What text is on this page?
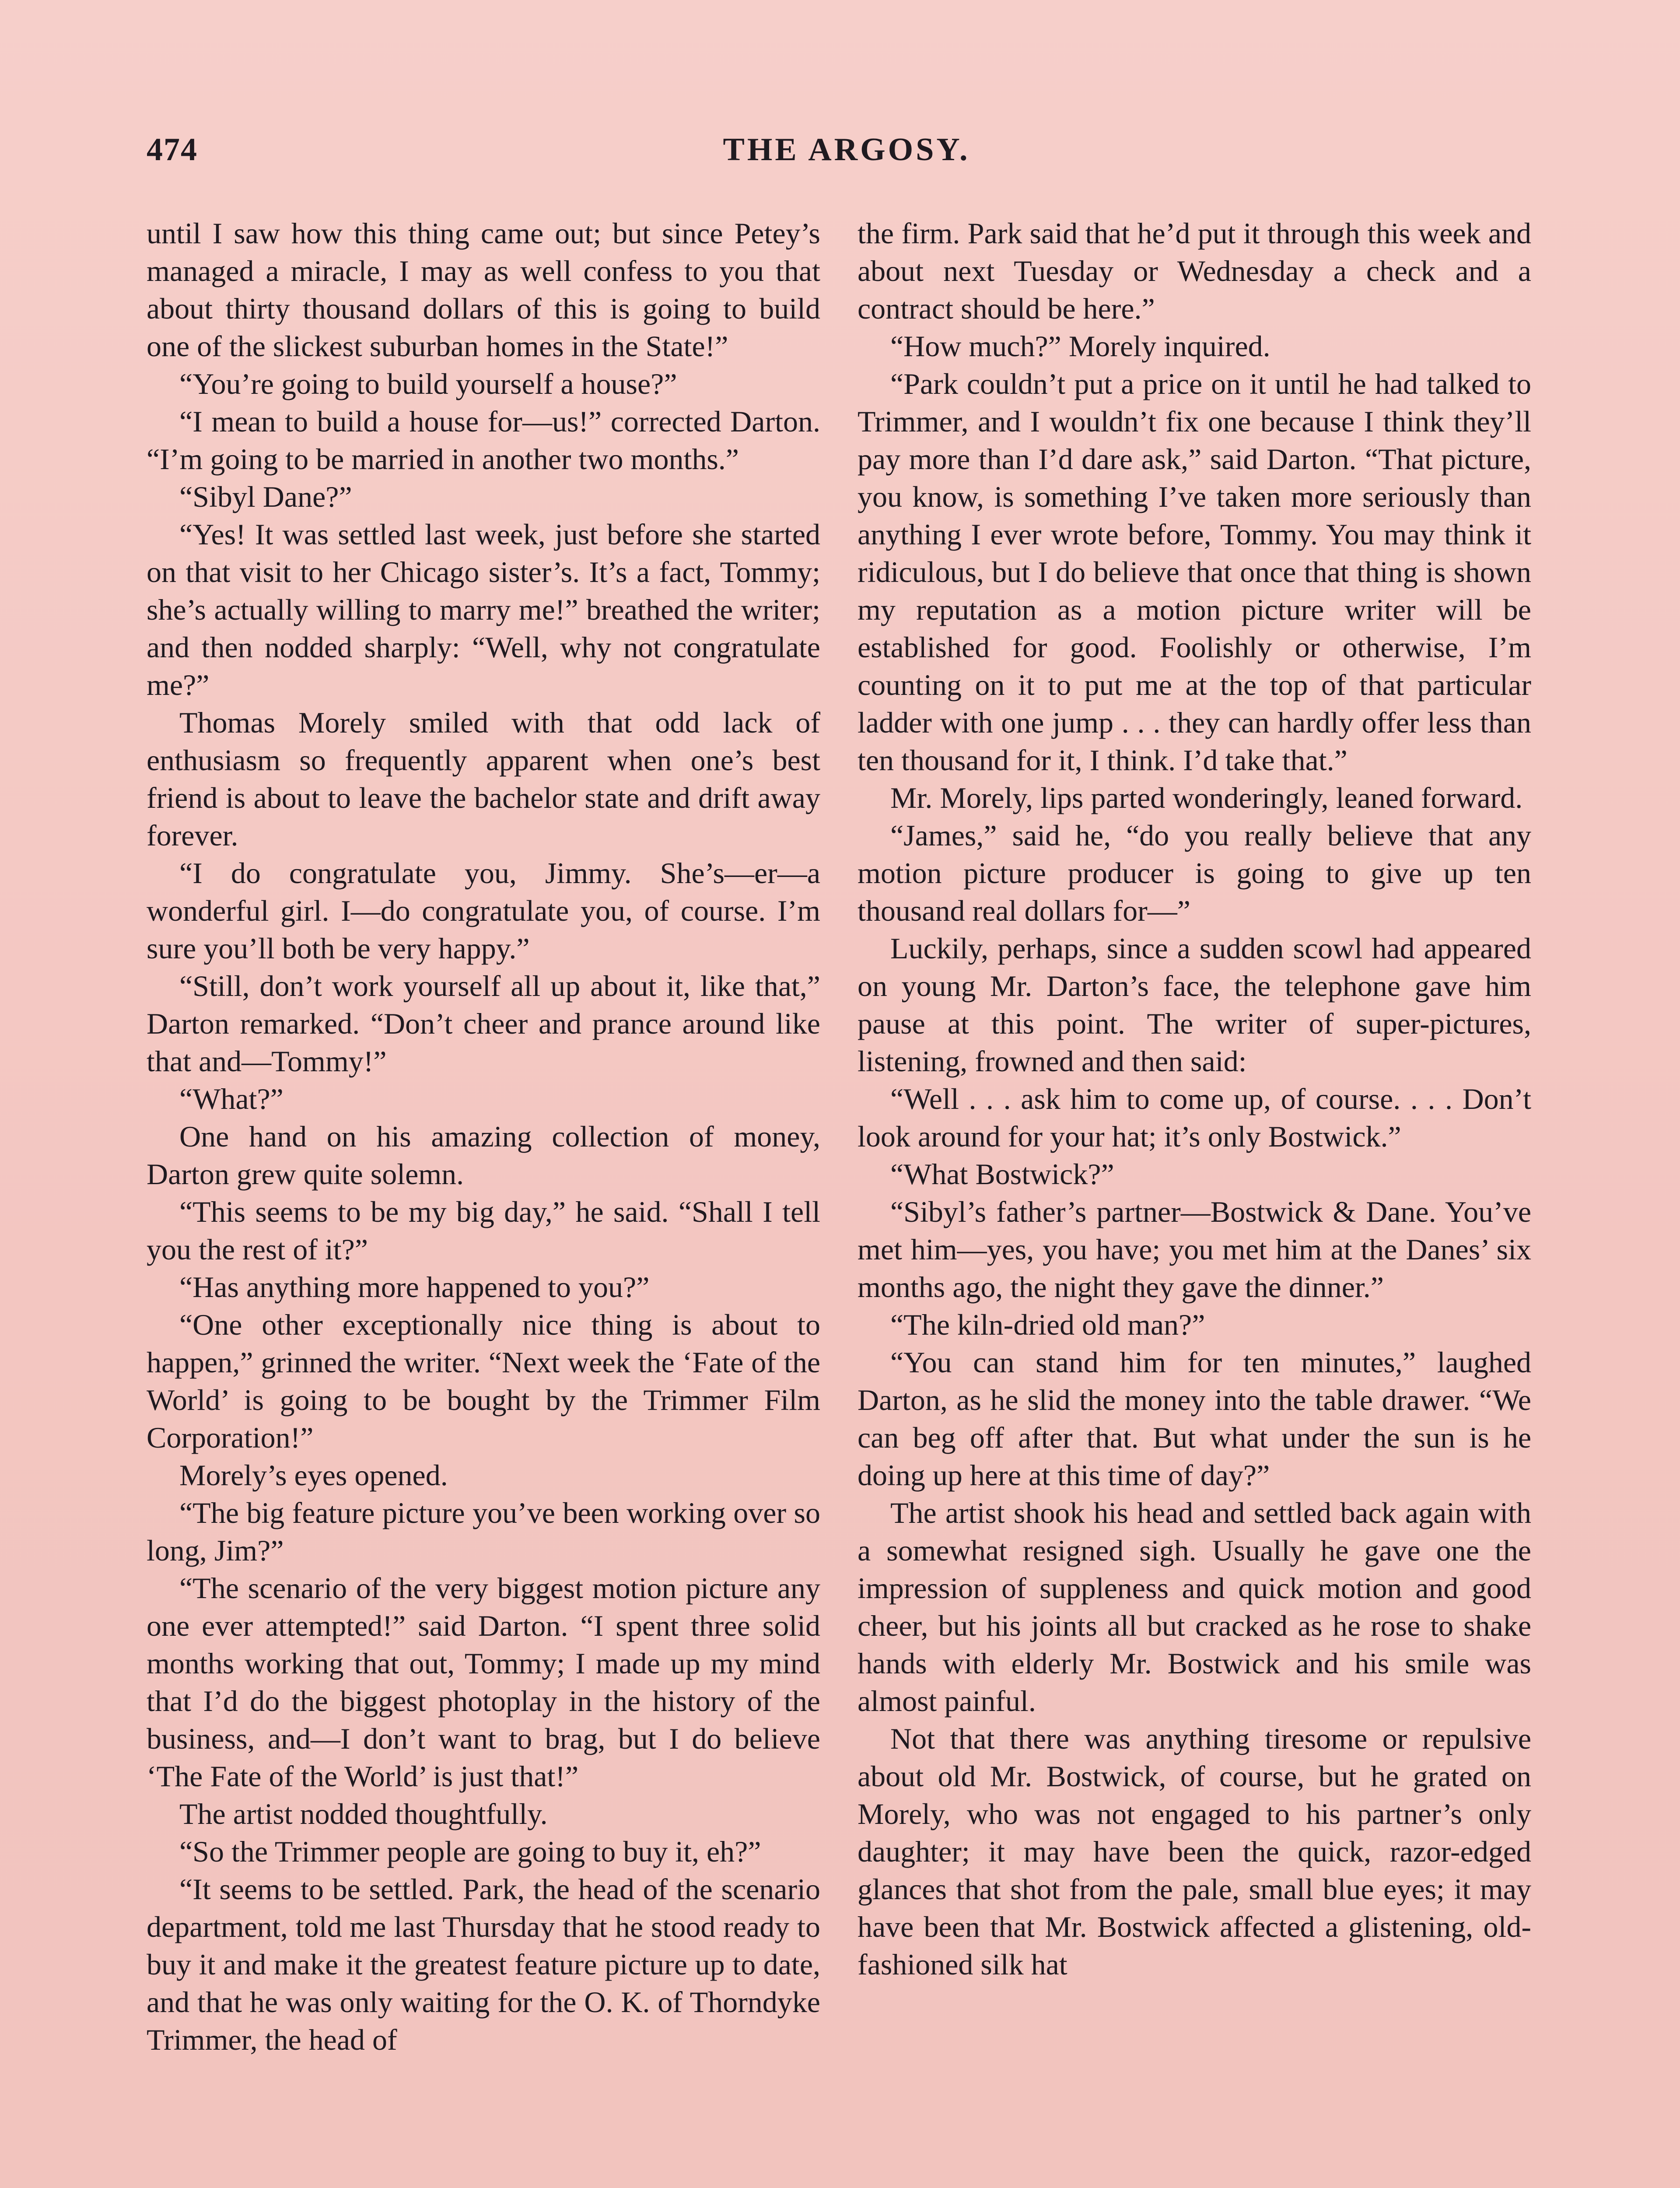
474	THE ARGOSY.

until I saw how this thing came out; but since Petey’s managed a miracle, I may as well confess to you that about thirty thousand dollars of this is going to build one of the slickest suburban homes in the State!”

“You’re going to build yourself a house?”

“I mean to build a house for—us!” corrected Darton. “I’m going to be married in another two months.”

“Sibyl Dane?”

“Yes! It was settled last week, just before she started on that visit to her Chicago sister’s. It’s a fact, Tommy; she’s actually willing to marry me!” breathed the writer; and then nodded sharply: “Well, why not congratulate me?”

Thomas Morely smiled with that odd lack of enthusiasm so frequently apparent when one’s best friend is about to leave the bachelor state and drift away forever.

“I do congratulate you, Jimmy. She’s—er—a wonderful girl. I—do congratulate you, of course. I’m sure you’ll both be very happy.”

“Still, don’t work yourself all up about it, like that,” Darton remarked. “Don’t cheer and prance around like that and—Tommy!”

“What?”

One hand on his amazing collection of money, Darton grew quite solemn.

“This seems to be my big day,” he said. “Shall I tell you the rest of it?”

“Has anything more happened to you?”

“One other exceptionally nice thing is about to happen,” grinned the writer. “Next week the ‘Fate of the World’ is going to be bought by the Trimmer Film Corporation!”

Morely’s eyes opened.

“The big feature picture you’ve been working over so long, Jim?”

“The scenario of the very biggest motion picture any one ever attempted!” said Darton. “I spent three solid months working that out, Tommy; I made up my mind that I’d do the biggest photoplay in the history of the business, and—I don’t want to brag, but I do believe ‘The Fate of the World’ is just that!”

The artist nodded thoughtfully.

“So the Trimmer people are going to buy it, eh?”

“It seems to be settled. Park, the head of the scenario department, told me last Thursday that he stood ready to buy it and make it the greatest feature picture up to date, and that he was only waiting for the O. K. of Thorndyke Trimmer, the head of

the firm. Park said that he’d put it through this week and about next Tuesday or Wednesday a check and a contract should be here.”

“How much?” Morely inquired.

“Park couldn’t put a price on it until he had talked to Trimmer, and I wouldn’t fix one because I think they’ll pay more than I’d dare ask,” said Darton. “That picture, you know, is something I’ve taken more seriously than anything I ever wrote before, Tommy. You may think it ridiculous, but I do believe that once that thing is shown my reputation as a motion picture writer will be established for good. Foolishly or otherwise, I’m counting on it to put me at the top of that particular ladder with one jump . . . they can hardly offer less than ten thousand for it, I think. I’d take that.”

Mr. Morely, lips parted wonderingly, leaned forward.

“James,” said he, “do you really believe that any motion picture producer is going to give up ten thousand real dollars for—”

Luckily, perhaps, since a sudden scowl had appeared on young Mr. Darton’s face, the telephone gave him pause at this point. The writer of super-pictures, listening, frowned and then said:

“Well . . . ask him to come up, of course. . . . Don’t look around for your hat; it’s only Bostwick.”

“What Bostwick?”

“Sibyl’s father’s partner—Bostwick & Dane. You’ve met him—yes, you have; you met him at the Danes’ six months ago, the night they gave the dinner.”

“The kiln-dried old man?”

“You can stand him for ten minutes,” laughed Darton, as he slid the money into the table drawer. “We can beg off after that. But what under the sun is he doing up here at this time of day?”

The artist shook his head and settled back again with a somewhat resigned sigh. Usually he gave one the impression of suppleness and quick motion and good cheer, but his joints all but cracked as he rose to shake hands with elderly Mr. Bostwick and his smile was almost painful.

Not that there was anything tiresome or repulsive about old Mr. Bostwick, of course, but he grated on Morely, who was not engaged to his partner’s only daughter; it may have been the quick, razor-edged glances that shot from the pale, small blue eyes; it may have been that Mr. Bostwick affected a glistening, old-fashioned silk hat
